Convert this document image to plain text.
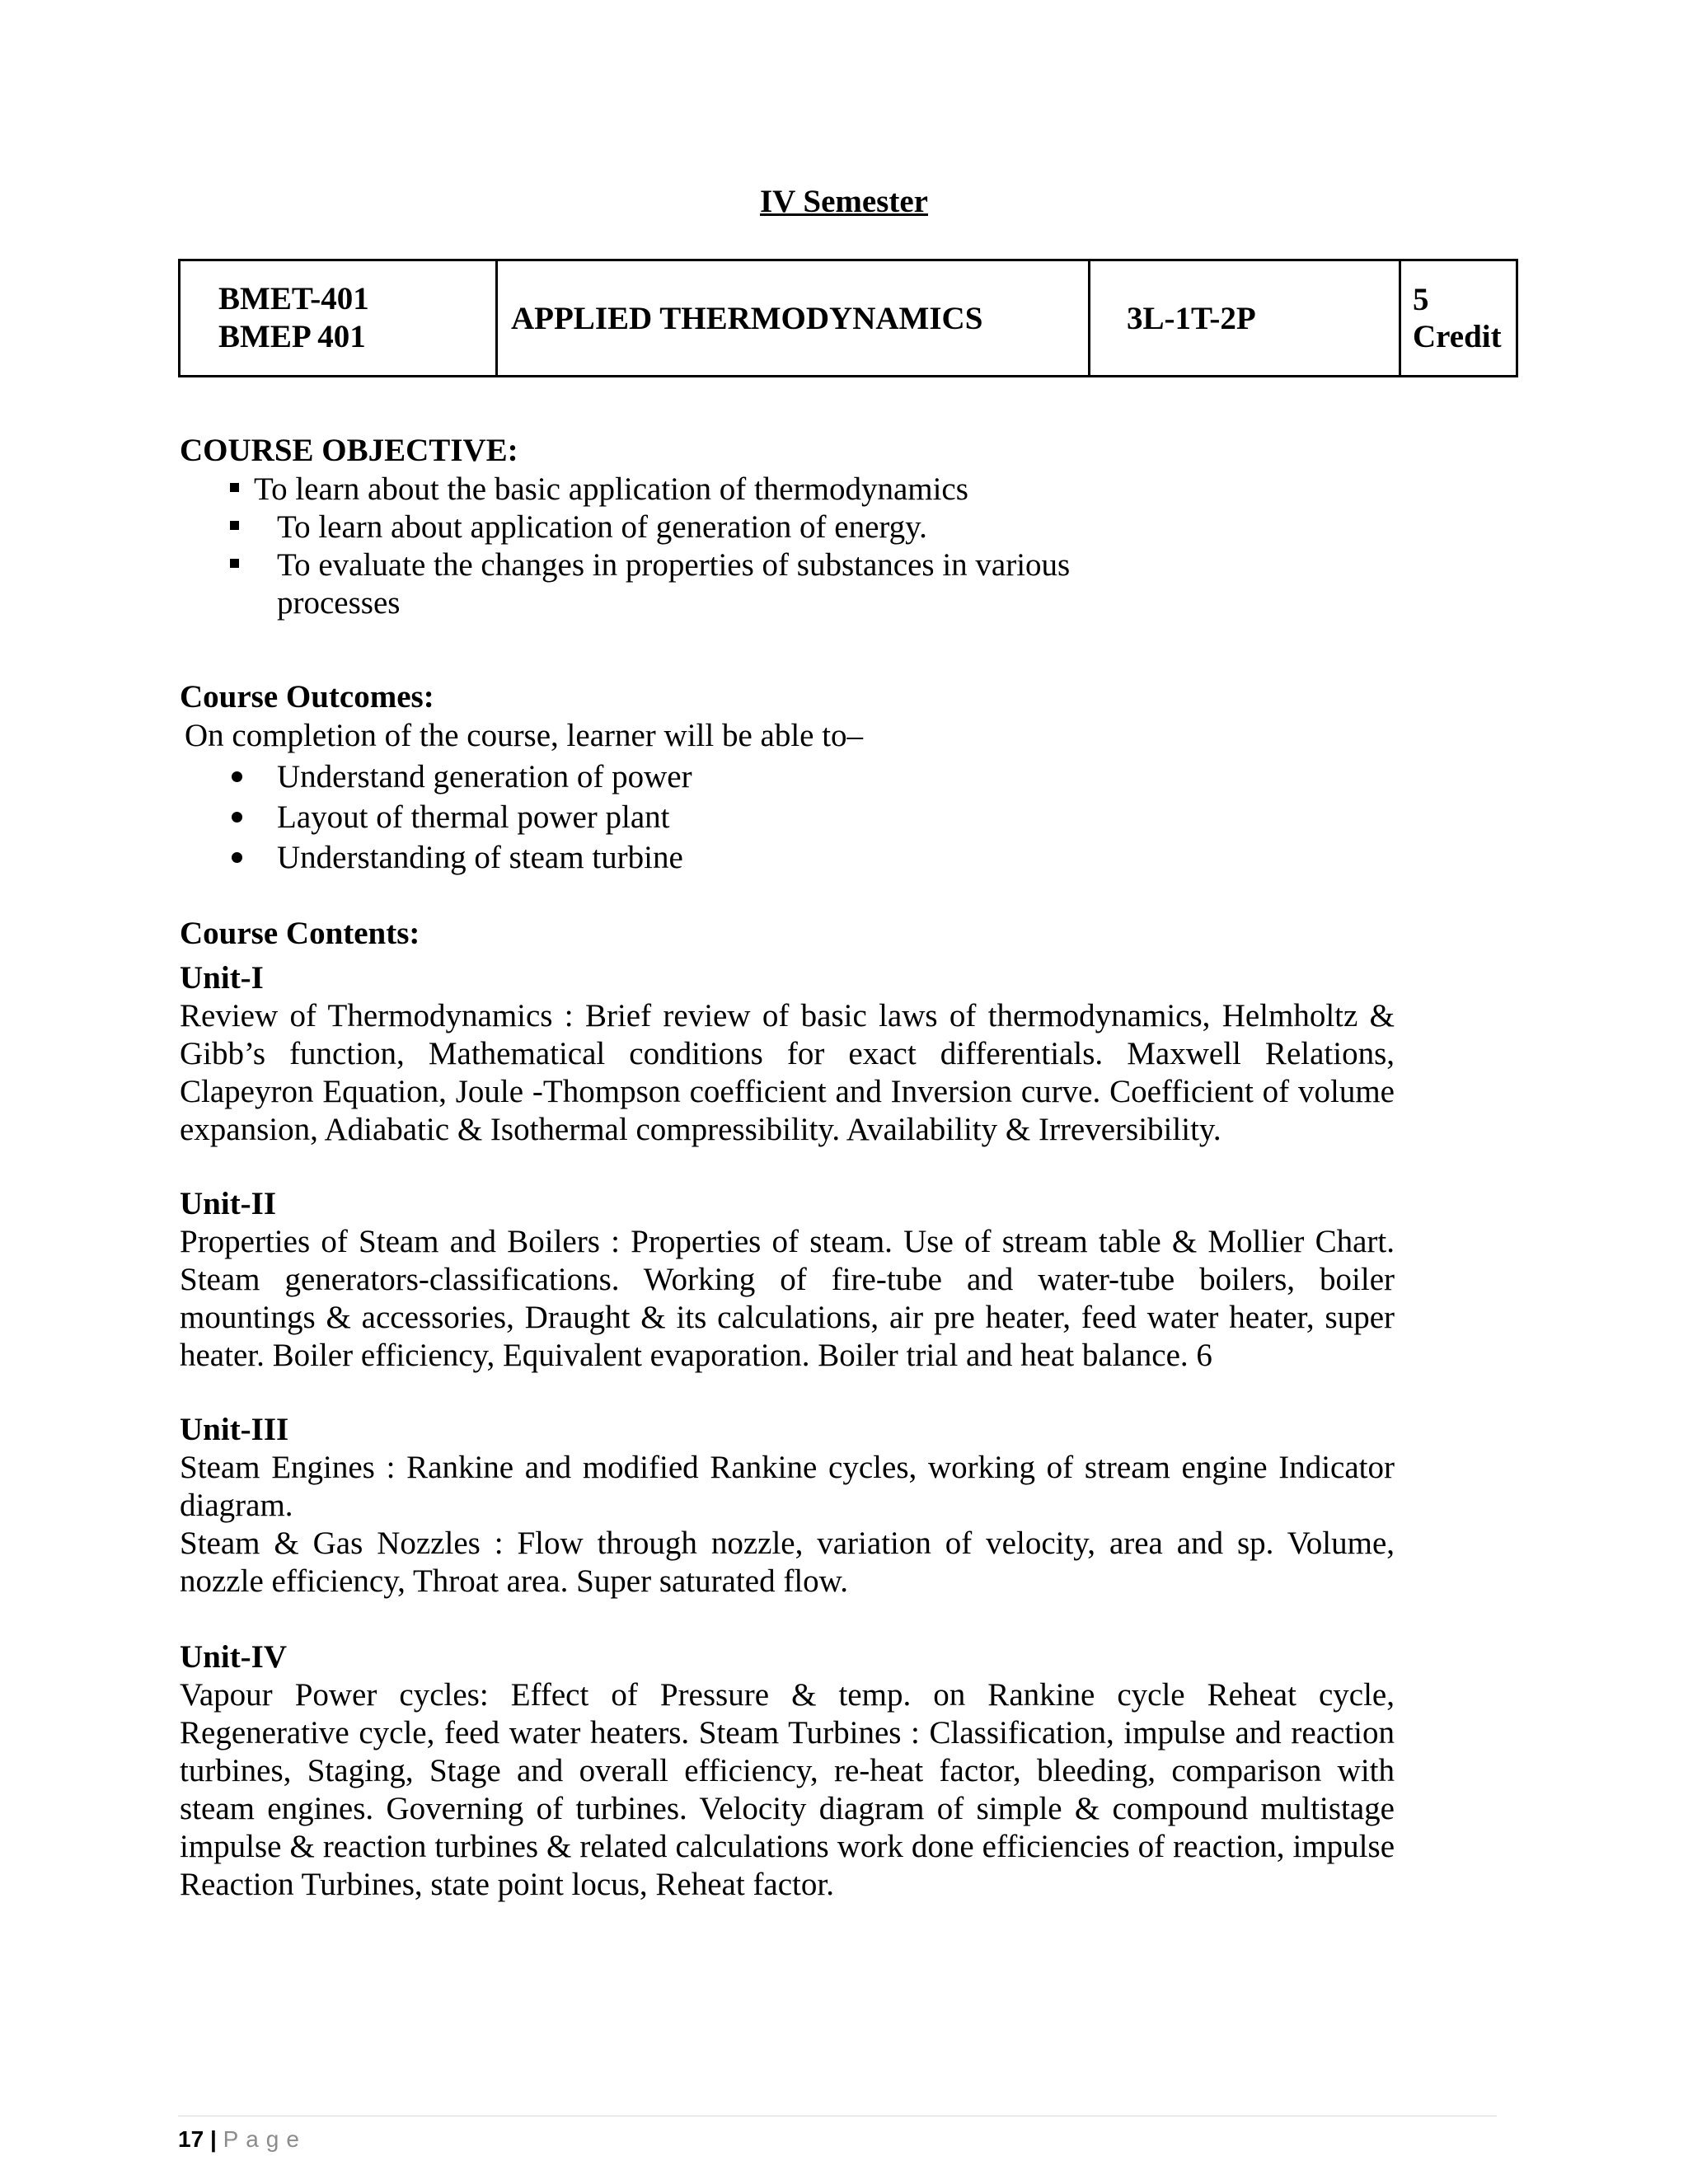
IV Semester
BMET-401
BMEP 401
	APPLIED THERMODYNAMICS	3L-1T-2P	5 Credit
COURSE OBJECTIVE:
To learn about the basic application of thermodynamics
To learn about application of generation of energy.
To evaluate the changes in properties of substances in various
processes
Course Outcomes:
On completion of the course, learner will be able to–
Understand generation of power
Layout of thermal power plant
Understanding of steam turbine
Course Contents:
Unit-I
Review of Thermodynamics : Brief review of basic laws of thermodynamics, Helmholtz & Gibb’s function, Mathematical conditions for exact differentials. Maxwell Relations, Clapeyron Equation, Joule -Thompson coefficient and Inversion curve. Coefficient of volume expansion, Adiabatic & Isothermal compressibility. Availability & Irreversibility.
Unit-II
Properties of Steam and Boilers : Properties of steam. Use of stream table & Mollier Chart. Steam generators-classifications. Working of fire-tube and water-tube boilers, boiler mountings & accessories, Draught & its calculations, air pre heater, feed water heater, super heater. Boiler efficiency, Equivalent evaporation. Boiler trial and heat balance. 6
Unit-III
Steam Engines : Rankine and modified Rankine cycles, working of stream engine Indicator diagram.
Steam & Gas Nozzles : Flow through nozzle, variation of velocity, area and sp. Volume, nozzle efficiency, Throat area. Super saturated flow.
Unit-IV
Vapour Power cycles: Effect of Pressure & temp. on Rankine cycle Reheat cycle, Regenerative cycle, feed water heaters. Steam Turbines : Classification, impulse and reaction turbines, Staging, Stage and overall efficiency, re-heat factor, bleeding, comparison with steam engines. Governing of turbines. Velocity diagram of simple & compound multistage impulse & reaction turbines & related calculations work done efficiencies of reaction, impulse Reaction Turbines, state point locus, Reheat factor.
17 | Page
